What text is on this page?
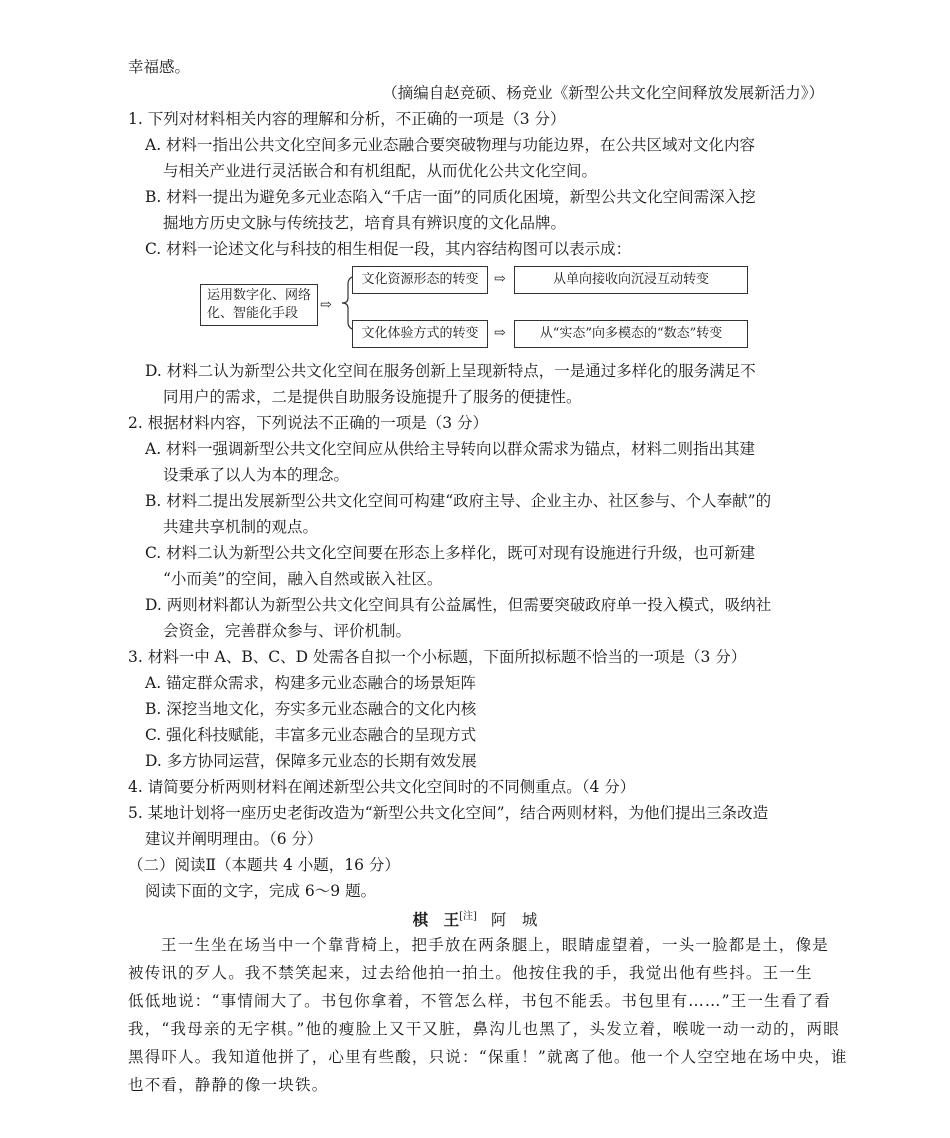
幸福感。
（摘编自赵竞硕、杨竞业《新型公共文化空间释放发展新活力》）
1. 下列对材料相关内容的理解和分析，不正确的一项是（3 分）
A. 材料一指出公共文化空间多元业态融合要突破物理与功能边界，在公共区域对文化内容
与相关产业进行灵活嵌合和有机组配，从而优化公共文化空间。
B. 材料一提出为避免多元业态陷入“千店一面”的同质化困境，新型公共文化空间需深入挖
掘地方历史文脉与传统技艺，培育具有辨识度的文化品牌。
C. 材料一论述文化与科技的相生相促一段，其内容结构图可以表示成：
运用数字化、网络化、智能化手段
⇨
文化资源形态的转变 ⇨	从单向接收向沉浸互动转变
文化体验方式的转变 ⇨	从“实态”向多模态的“数态”转变
D. 材料二认为新型公共文化空间在服务创新上呈现新特点，一是通过多样化的服务满足不
同用户的需求，二是提供自助服务设施提升了服务的便捷性。
2. 根据材料内容，下列说法不正确的一项是（3 分）
A. 材料一强调新型公共文化空间应从供给主导转向以群众需求为锚点，材料二则指出其建
设秉承了以人为本的理念。
B. 材料二提出发展新型公共文化空间可构建“政府主导、企业主办、社区参与、个人奉献”的
共建共享机制的观点。
C. 材料二认为新型公共文化空间要在形态上多样化，既可对现有设施进行升级，也可新建
“小而美”的空间，融入自然或嵌入社区。
D. 两则材料都认为新型公共文化空间具有公益属性，但需要突破政府单一投入模式，吸纳社
会资金，完善群众参与、评价机制。
3. 材料一中 A、B、C、D 处需各自拟一个小标题，下面所拟标题不恰当的一项是（3 分）
A. 锚定群众需求，构建多元业态融合的场景矩阵
B. 深挖当地文化，夯实多元业态融合的文化内核
C. 强化科技赋能，丰富多元业态融合的呈现方式
D. 多方协同运营，保障多元业态的长期有效发展
4. 请简要分析两则材料在阐述新型公共文化空间时的不同侧重点。（4 分）
5. 某地计划将一座历史老街改造为“新型公共文化空间”，结合两则材料，为他们提出三条改造
建议并阐明理由。（6 分）
（二）阅读Ⅱ（本题共 4 小题，16 分）
阅读下面的文字，完成 6～9 题。
棋　王[注] 阿　城
王一生坐在场当中一个靠背椅上，把手放在两条腿上，眼睛虚望着，一头一脸都是土，像是
被传讯的歹人。我不禁笑起来，过去给他拍一拍土。他按住我的手，我觉出他有些抖。王一生
低低地说：“事情闹大了。书包你拿着，不管怎么样，书包不能丢。书包里有……”王一生看了看
我，“我母亲的无字棋。”他的瘦脸上又干又脏，鼻沟儿也黑了，头发立着，喉咙一动一动的，两眼
黑得吓人。我知道他拼了，心里有些酸，只说：“保重！”就离了他。他一个人空空地在场中央，谁
也不看，静静的像一块铁。
